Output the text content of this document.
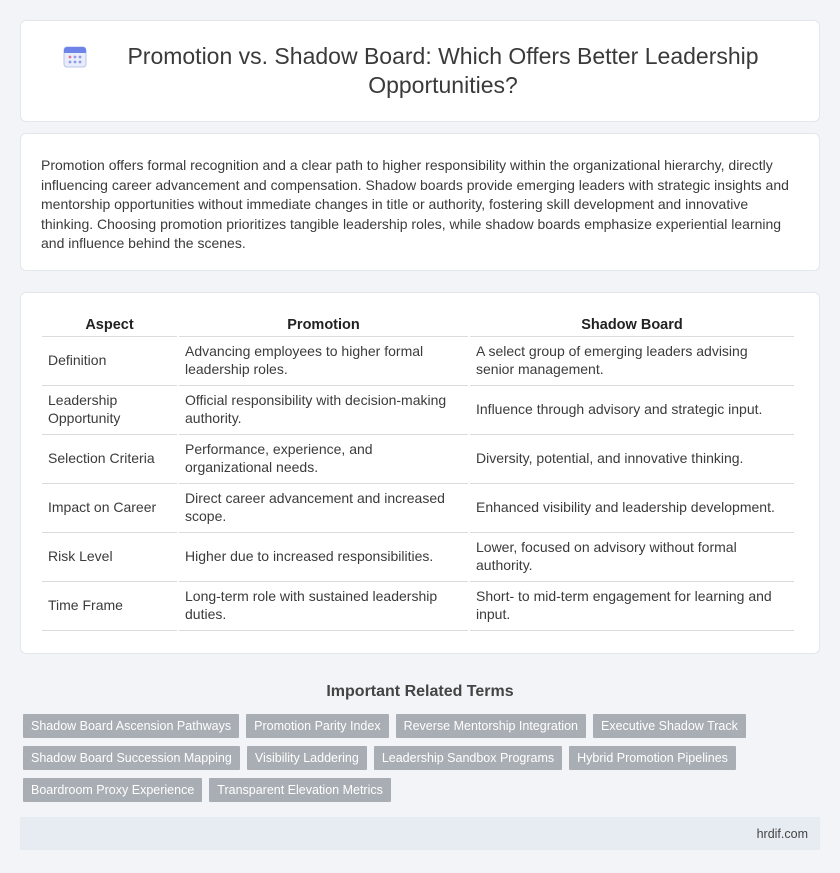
Promotion vs. Shadow Board: Which Offers Better Leadership Opportunities?

Promotion offers formal recognition and a clear path to higher responsibility within the organizational hierarchy, directly influencing career advancement and compensation. Shadow boards provide emerging leaders with strategic insights and mentorship opportunities without immediate changes in title or authority, fostering skill development and innovative thinking. Choosing promotion prioritizes tangible leadership roles, while shadow boards emphasize experiential learning and influence behind the scenes.

Aspect	Promotion	Shadow Board
Definition	Advancing employees to higher formal leadership roles.	A select group of emerging leaders advising senior management.
Leadership Opportunity	Official responsibility with decision-making authority.	Influence through advisory and strategic input.
Selection Criteria	Performance, experience, and organizational needs.	Diversity, potential, and innovative thinking.
Impact on Career	Direct career advancement and increased scope.	Enhanced visibility and leadership development.
Risk Level	Higher due to increased responsibilities.	Lower, focused on advisory without formal authority.
Time Frame	Long-term role with sustained leadership duties.	Short- to mid-term engagement for learning and input.
Important Related Terms
Shadow Board Ascension Pathways	Promotion Parity Index	Reverse Mentorship Integration	Executive Shadow Track
Shadow Board Succession Mapping	Visibility Laddering	Leadership Sandbox Programs	Hybrid Promotion Pipelines
Boardroom Proxy Experience	Transparent Elevation Metrics
hrdif.com
